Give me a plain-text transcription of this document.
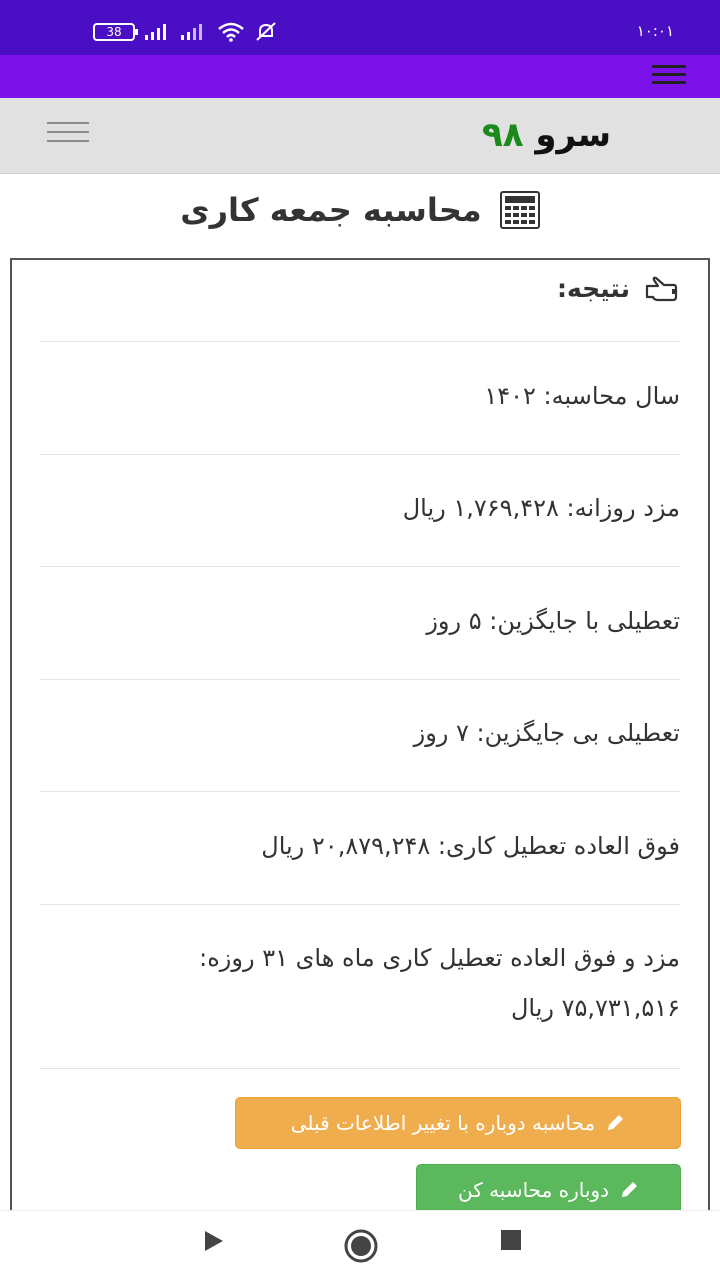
38	۱۰:۰۱
سرو ۹۸
محاسبه جمعه کاری
نتیجه:
سال محاسبه: ۱۴۰۲
مزد روزانه: ۱,۷۶۹,۴۲۸ ریال
تعطیلی با جایگزین: ۵ روز
تعطیلی بی جایگزین: ۷ روز
فوق العاده تعطیل کاری: ۲۰,۸۷۹,۲۴۸ ریال
مزد و فوق العاده تعطیل کاری ماه های ۳۱ روزه:
۷۵,۷۳۱,۵۱۶ ریال
محاسبه دوباره با تغییر اطلاعات قبلی
دوباره محاسبه کن
